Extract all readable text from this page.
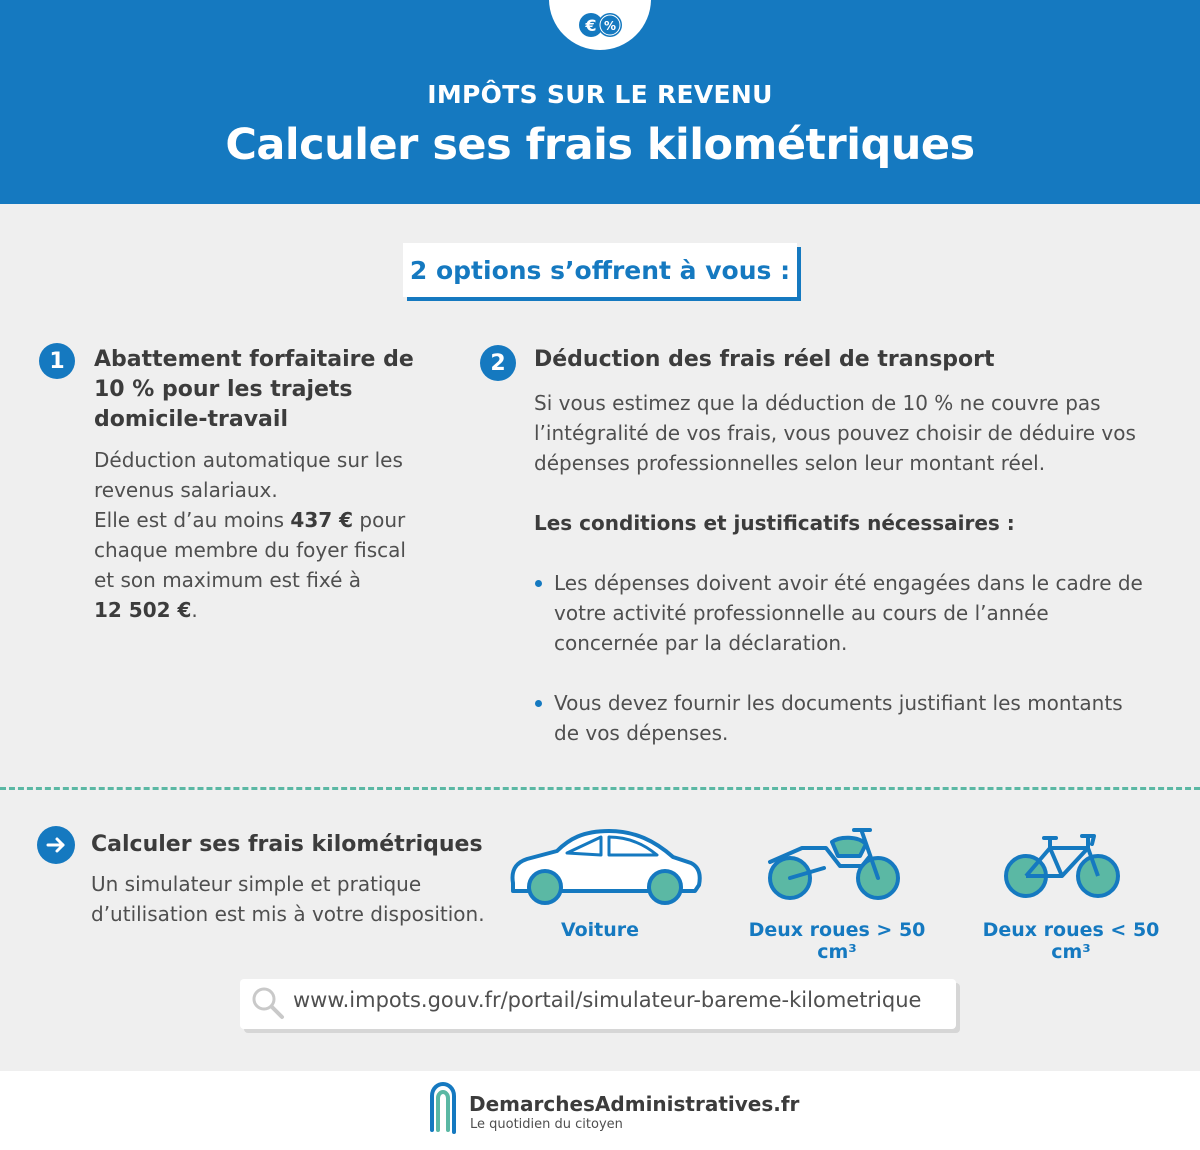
€ %
IMPÔTS SUR LE REVENU
Calculer ses frais kilométriques
2 options s’offrent à vous :
1 Abattement forfaitaire de
10 % pour les trajets
domicile-travail
Déduction automatique sur les
revenus salariaux.
Elle est d’au moins 437 € pour
chaque membre du foyer fiscal
et son maximum est fixé à
12 502 €.
2 Déduction des frais réel de transport
Si vous estimez que la déduction de 10 % ne couvre pas
l’intégralité de vos frais, vous pouvez choisir de déduire vos
dépenses professionnelles selon leur montant réel.
Les conditions et justificatifs nécessaires :
Les dépenses doivent avoir été engagées dans le cadre de
votre activité professionnelle au cours de l’année
concernée par la déclaration.
Vous devez fournir les documents justifiant les montants
de vos dépenses.
Calculer ses frais kilométriques
Un simulateur simple et pratique
d’utilisation est mis à votre disposition.
Voiture	Deux roues > 50 cm³
Deux roues < 50 cm³
www.impots.gouv.fr/portail/simulateur-bareme-kilometrique
DemarchesAdministratives.fr
Le quotidien du citoyen
